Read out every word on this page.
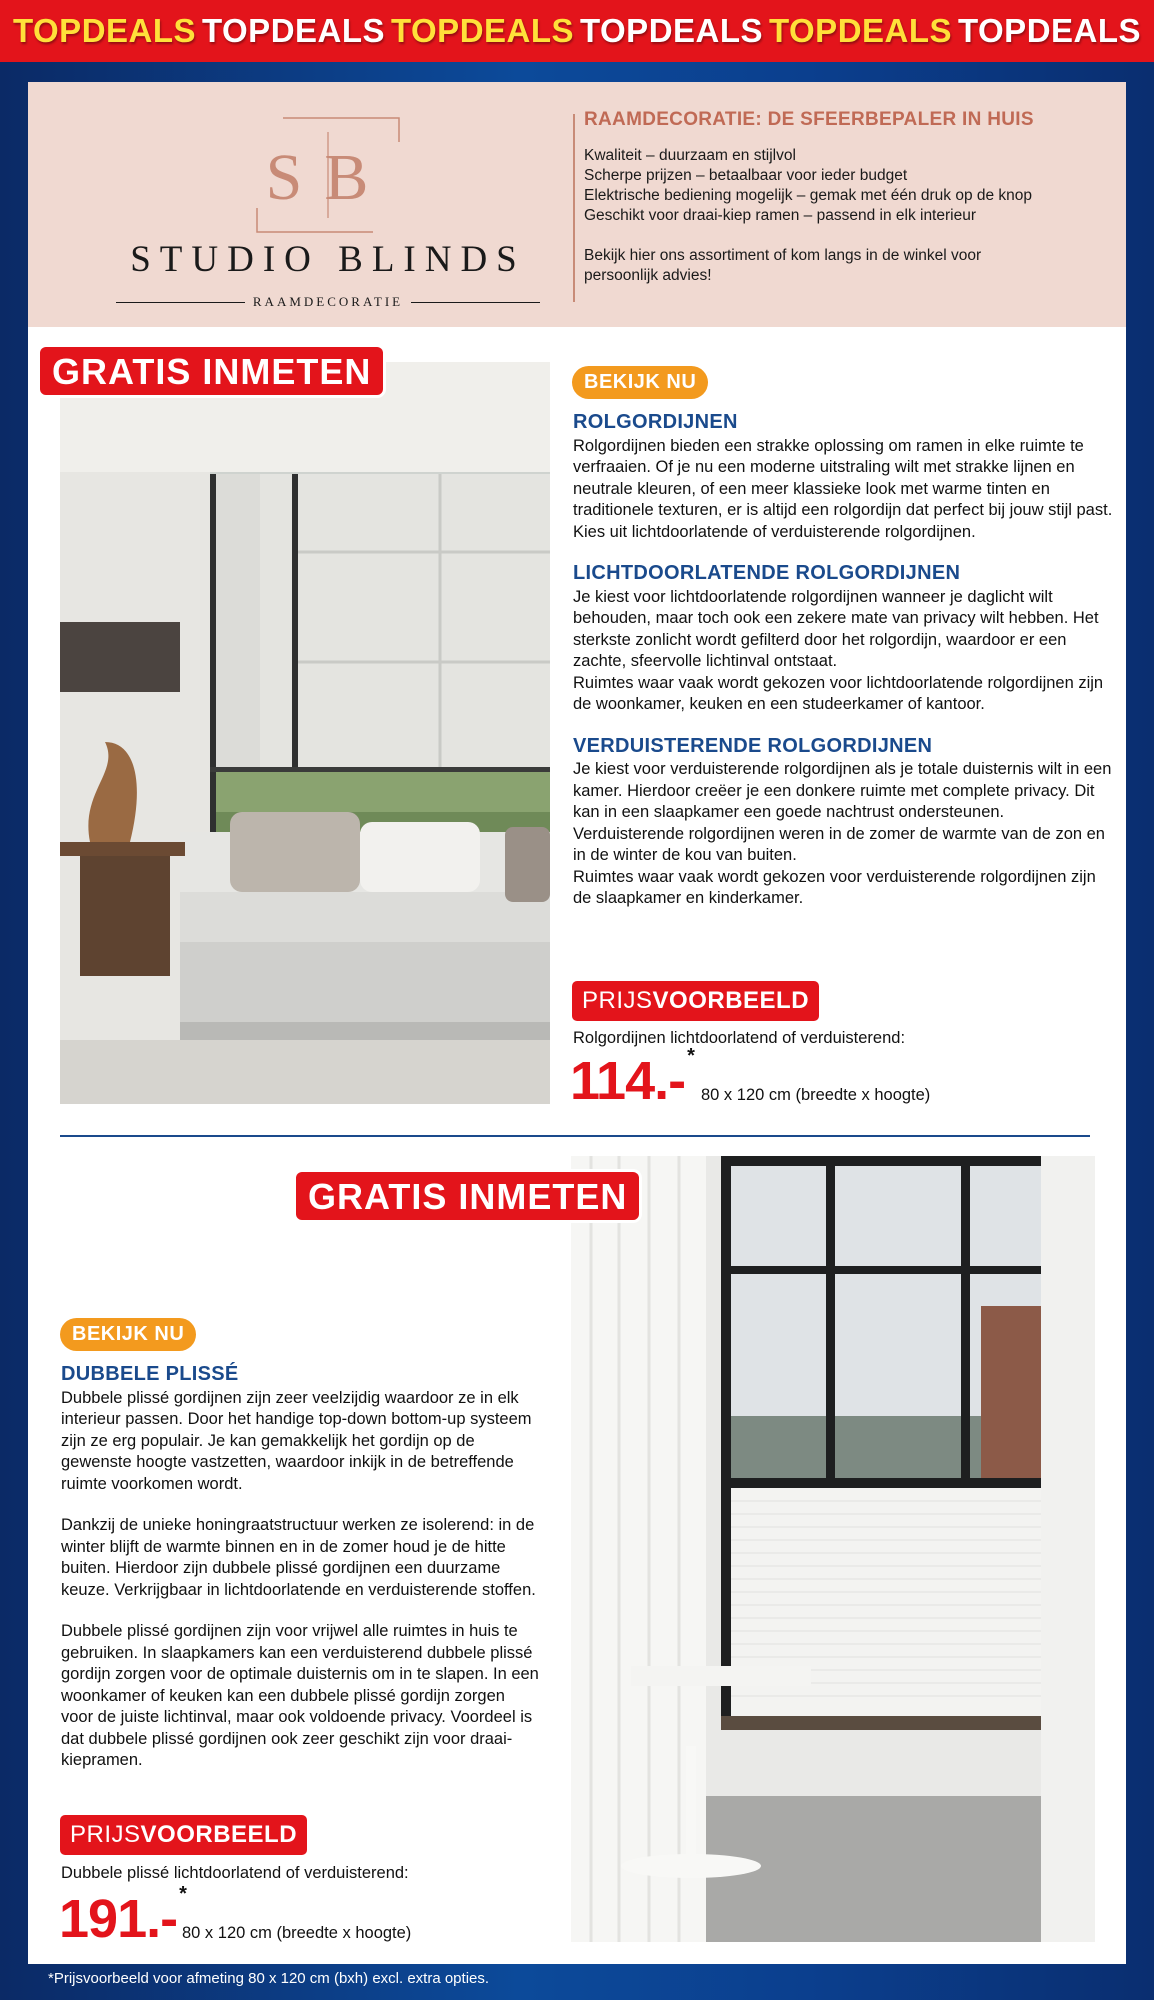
TOPDEALS TOPDEALS TOPDEALS TOPDEALS TOPDEALS TOPDEALS
SB
STUDIO BLINDS
RAAMDECORATIE
RAAMDECORATIE: DE SFEERBEPALER IN HUIS

Kwaliteit – duurzaam en stijlvol
Scherpe prijzen – betaalbaar voor ieder budget
Elektrische bediening mogelijk – gemak met één druk op de knop
Geschikt voor draai-kiep ramen – passend in elk interieur

Bekijk hier ons assortiment of kom langs in de winkel voor persoonlijk advies!

GRATIS INMETEN	BEKIJK NU
ROLGORDIJNEN

Rolgordijnen bieden een strakke oplossing om ramen in elke ruimte te verfraaien. Of je nu een moderne uitstraling wilt met strakke lijnen en neutrale kleuren, of een meer klassieke look met warme tinten en traditionele texturen, er is altijd een rolgordijn dat perfect bij jouw stijl past.

Kies uit lichtdoorlatende of verduisterende rolgordijnen.

LICHTDOORLATENDE ROLGORDIJNEN

Je kiest voor lichtdoorlatende rolgordijnen wanneer je daglicht wilt behouden, maar toch ook een zekere mate van privacy wilt hebben. Het sterkste zonlicht wordt gefilterd door het rolgordijn, waardoor er een zachte, sfeervolle lichtinval ontstaat.

Ruimtes waar vaak wordt gekozen voor lichtdoorlatende rolgordijnen zijn de woonkamer, keuken en een studeerkamer of kantoor.

VERDUISTERENDE ROLGORDIJNEN

Je kiest voor verduisterende rolgordijnen als je totale duisternis wilt in een kamer. Hierdoor creëer je een donkere ruimte met complete privacy. Dit kan in een slaapkamer een goede nachtrust ondersteunen. Verduisterende rolgordijnen weren in de zomer de warmte van de zon en in de winter de kou van buiten.

Ruimtes waar vaak wordt gekozen voor verduisterende rolgordijnen zijn de slaapkamer en kinderkamer.

PRIJSVOORBEELD
Rolgordijnen lichtdoorlatend of verduisterend:
114.- *
80 x 120 cm (breedte x hoogte)
GRATIS INMETEN
BEKIJK NU
DUBBELE PLISSÉ

Dubbele plissé gordijnen zijn zeer veelzijdig waardoor ze in elk interieur passen. Door het handige top-down bottom-up systeem zijn ze erg populair. Je kan gemakkelijk het gordijn op de gewenste hoogte vastzetten, waardoor inkijk in de betreffende ruimte voorkomen wordt.

Dankzij de unieke honingraatstructuur werken ze isolerend: in de winter blijft de warmte binnen en in de zomer houd je de hitte buiten. Hierdoor zijn dubbele plissé gordijnen een duurzame keuze. Verkrijgbaar in lichtdoorlatende en verduisterende stoffen.

Dubbele plissé gordijnen zijn voor vrijwel alle ruimtes in huis te gebruiken. In slaapkamers kan een verduisterend dubbele plissé gordijn zorgen voor de optimale duisternis om in te slapen. In een woonkamer of keuken kan een dubbele plissé gordijn zorgen voor de juiste lichtinval, maar ook voldoende privacy. Voordeel is dat dubbele plissé gordijnen ook zeer geschikt zijn voor draai-kiepramen.

PRIJSVOORBEELD
Dubbele plissé lichtdoorlatend of verduisterend:
191.- *
80 x 120 cm (breedte x hoogte)
*Prijsvoorbeeld voor afmeting 80 x 120 cm (bxh) excl. extra opties.
